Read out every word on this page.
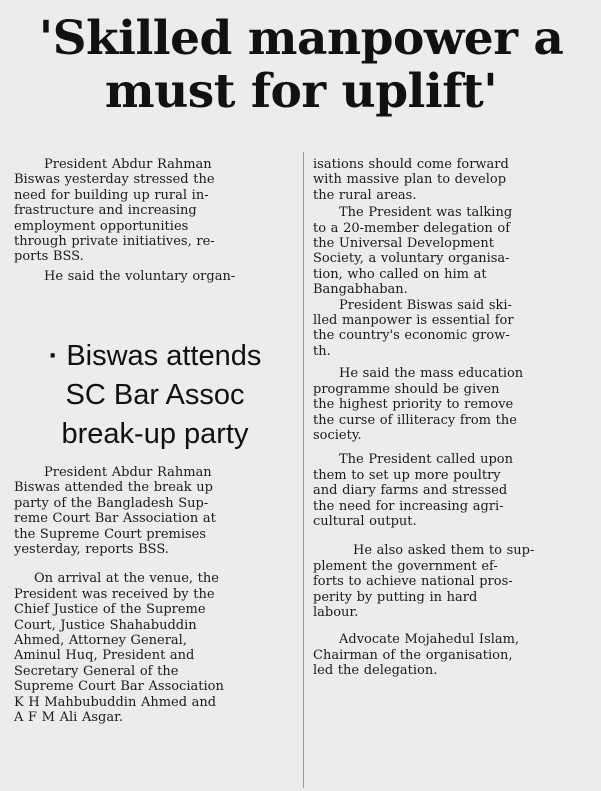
'Skilled manpower a
must for uplift'

President Abdur Rahman
Biswas yesterday stressed the
need for building up rural in-
frastructure and increasing
employment opportunities
through private initiatives, re-
ports BSS.

He said the voluntary organ-

· Biswas attends
SC Bar Assoc
break-up party

President Abdur Rahman
Biswas attended the break up
party of the Bangladesh Sup-
reme Court Bar Association at
the Supreme Court premises
yesterday, reports BSS.

On arrival at the venue, the
President was received by the
Chief Justice of the Supreme
Court, Justice Shahabuddin
Ahmed, Attorney General,
Aminul Huq, President and
Secretary General of the
Supreme Court Bar Association
K H Mahbubuddin Ahmed and
A F M Ali Asgar.

isations should come forward
with massive plan to develop
the rural areas.

The President was talking
to a 20-member delegation of
the Universal Development
Society, a voluntary organisa-
tion, who called on him at
Bangabhaban.

President Biswas said ski-
lled manpower is essential for
the country's economic grow-
th.

He said the mass education
programme should be given
the highest priority to remove
the curse of illiteracy from the
society.

The President called upon
them to set up more poultry
and diary farms and stressed
the need for increasing agri-
cultural output.

He also asked them to sup-
plement the government ef-
forts to achieve national pros-
perity by putting in hard
labour.

Advocate Mojahedul Islam,
Chairman of the organisation,
led the delegation.
